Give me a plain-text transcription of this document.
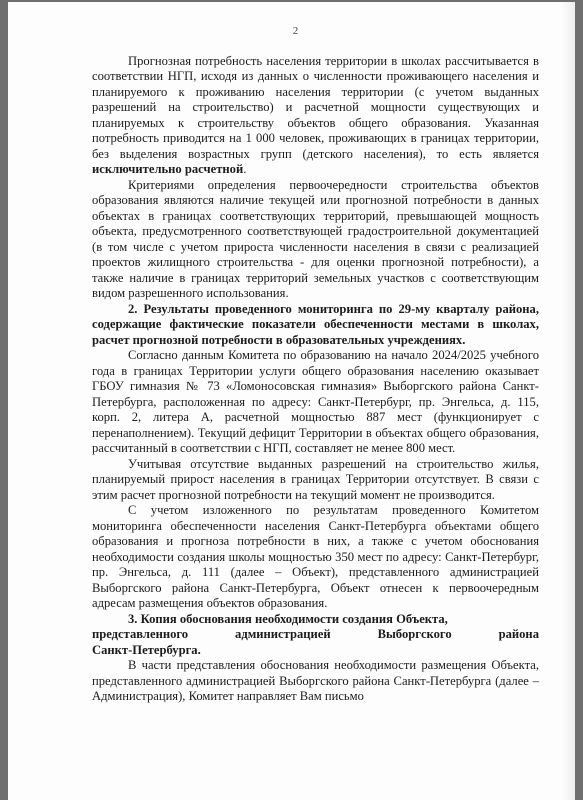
2

Прогнозная потребность населения территории в школах рассчитывается в соответствии НГП, исходя из данных о численности проживающего населения и планируемого к проживанию населения территории (с учетом выданных разрешений на строительство) и расчетной мощности существующих и планируемых к строительству объектов общего образования. Указанная потребность приводится на 1 000 человек, проживающих в границах территории, без выделения возрастных групп (детского населения), то есть является исключительно расчетной.

Критериями определения первоочередности строительства объектов образования являются наличие текущей или прогнозной потребности в данных объектах в границах соответствующих территорий, превышающей мощность объекта, предусмотренного соответствующей градостроительной документацией (в том числе с учетом прироста численности населения в связи с реализацией проектов жилищного строительства - для оценки прогнозной потребности), а также наличие в границах территорий земельных участков с соответствующим видом разрешенного использования.

2. Результаты проведенного мониторинга по 29-му кварталу района, содержащие фактические показатели обеспеченности местами в школах, расчет прогнозной потребности в образовательных учреждениях.

Согласно данным Комитета по образованию на начало 2024/2025 учебного года в границах Территории услуги общего образования населению оказывает ГБОУ гимназия № 73 «Ломоносовская гимназия» Выборгского района Санкт-Петербурга, расположенная по адресу: Санкт-Петербург, пр. Энгельса, д. 115, корп. 2, литера А, расчетной мощностью 887 мест (функционирует с перенаполнением). Текущий дефицит Территории в объектах общего образования, рассчитанный в соответствии с НГП, составляет не менее 800 мест.

Учитывая отсутствие выданных разрешений на строительство жилья, планируемый прирост населения в границах Территории отсутствует. В связи с этим расчет прогнозной потребности на текущий момент не производится.

С учетом изложенного по результатам проведенного Комитетом мониторинга обеспеченности населения Санкт-Петербурга объектами общего образования и прогноза потребности в них, а также с учетом обоснования необходимости создания школы мощностью 350 мест по адресу: Санкт-Петербург, пр. Энгельса, д. 111 (далее – Объект), представленного администрацией Выборгского района Санкт-Петербурга, Объект отнесен к первоочередным адресам размещения объектов образования.

3. Копия обоснования необходимости создания Объекта,
представленного администрацией Выборгского района
Санкт-Петербурга.

В части представления обоснования необходимости размещения Объекта, представленного администрацией Выборгского района Санкт-Петербурга (далее – Администрация), Комитет направляет Вам письмо
